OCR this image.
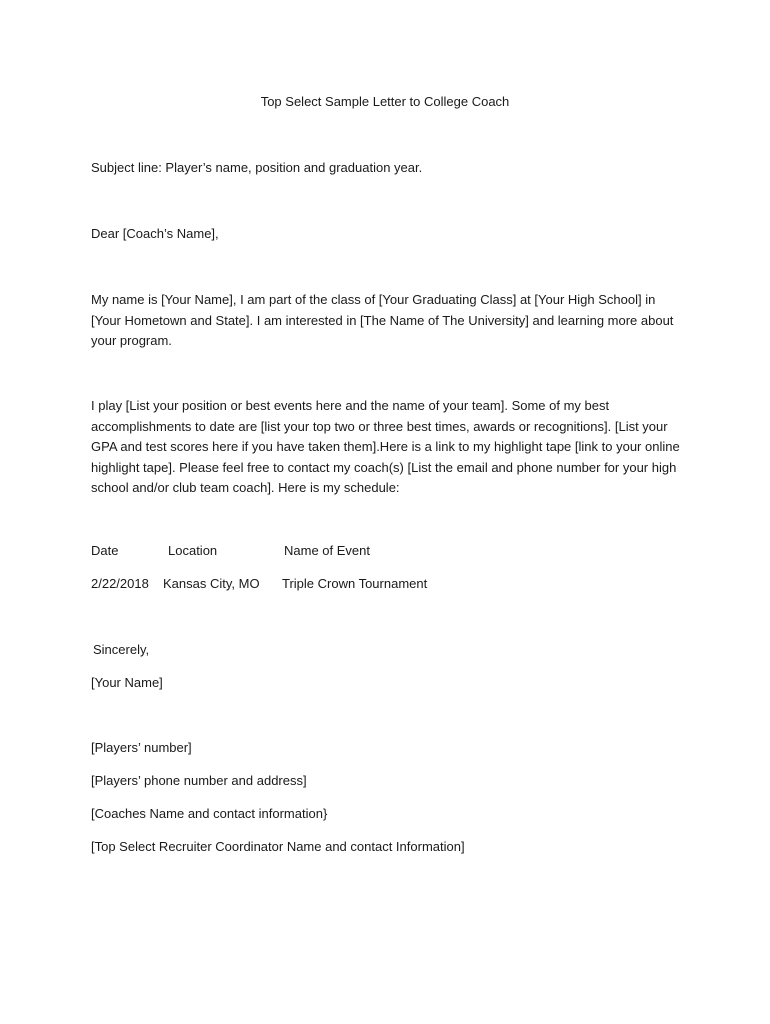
Top Select Sample Letter to College Coach
Subject line: Player’s name, position and graduation year.
Dear [Coach’s Name],
My name is [Your Name], I am part of the class of [Your Graduating Class] at [Your High School] in [Your Hometown and State]. I am interested in [The Name of The University] and learning more about your program.
I play [List your position or best events here and the name of your team]. Some of my best accomplishments to date are [list your top two or three best times, awards or recognitions]. [List your GPA and test scores here if you have taken them].Here is a link to my highlight tape [link to your online highlight tape]. Please feel free to contact my coach(s) [List the email and phone number for your high school and/or club team coach]. Here is my schedule:
Date	Location	Name of Event
2/22/2018 Kansas City, MO Triple Crown Tournament
Sincerely,
[Your Name]
[Players’ number]
[Players’ phone number and address]
[Coaches Name and contact information}
[Top Select Recruiter Coordinator Name and contact Information]
